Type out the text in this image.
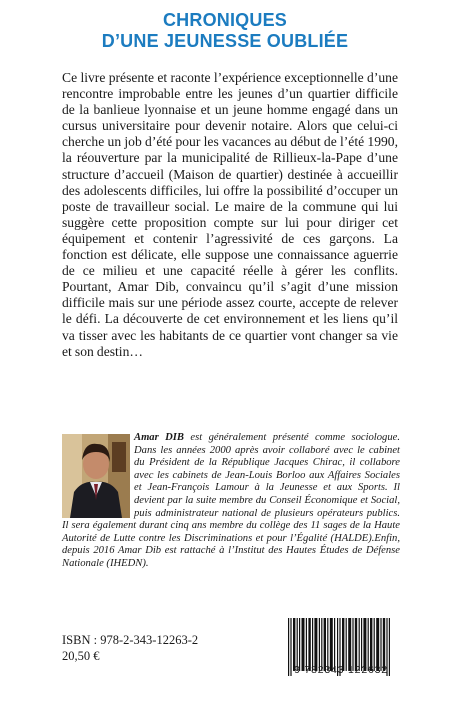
CHRONIQUES
D’UNE JEUNESSE OUBLIÉE

Ce livre présente et raconte l’expérience exceptionnelle d’une rencontre improbable entre les jeunes d’un quartier difficile de la banlieue lyonnaise et un jeune homme engagé dans un cursus universitaire pour devenir notaire. Alors que celui-ci cherche un job d’été pour les vacances au début de l’été 1990, la réouverture par la municipalité de Rillieux-la-Pape d’une structure d’accueil (Maison de quartier) destinée à accueillir des adolescents difficiles, lui offre la possibilité d’occuper un poste de travailleur social. Le maire de la commune qui lui suggère cette proposition compte sur lui pour diriger cet équipement et contenir l’agressivité de ces garçons. La fonction est délicate, elle suppose une connaissance aguerrie de ce milieu et une capacité réelle à gérer les conflits. Pourtant, Amar Dib, convaincu qu’il s’agit d’une mission difficile mais sur une période assez courte, accepte de relever le défi. La découverte de cet environnement et les liens qu’il va tisser avec les habitants de ce quartier vont changer sa vie et son destin…

Amar DIB est généralement présenté comme sociologue. Dans les années 2000 après avoir collaboré avec le cabinet du Président de la République Jacques Chirac, il collabore avec les cabinets de Jean-Louis Borloo aux Affaires Sociales et Jean-François Lamour à la Jeunesse et aux Sports. Il devient par la suite membre du Conseil Économique et Social, puis administrateur national de plusieurs opérateurs publics. Il sera également durant cinq ans membre du collège des 11 sages de la Haute Autorité de Lutte contre les Discriminations et pour l’Égalité (HALDE).Enfin, depuis 2016 Amar Dib est rattaché à l’Institut des Hautes Études de Défense Nationale (IHEDN).

ISBN : 978-2-343-12263-2
20,50 €
9 782343 122632
